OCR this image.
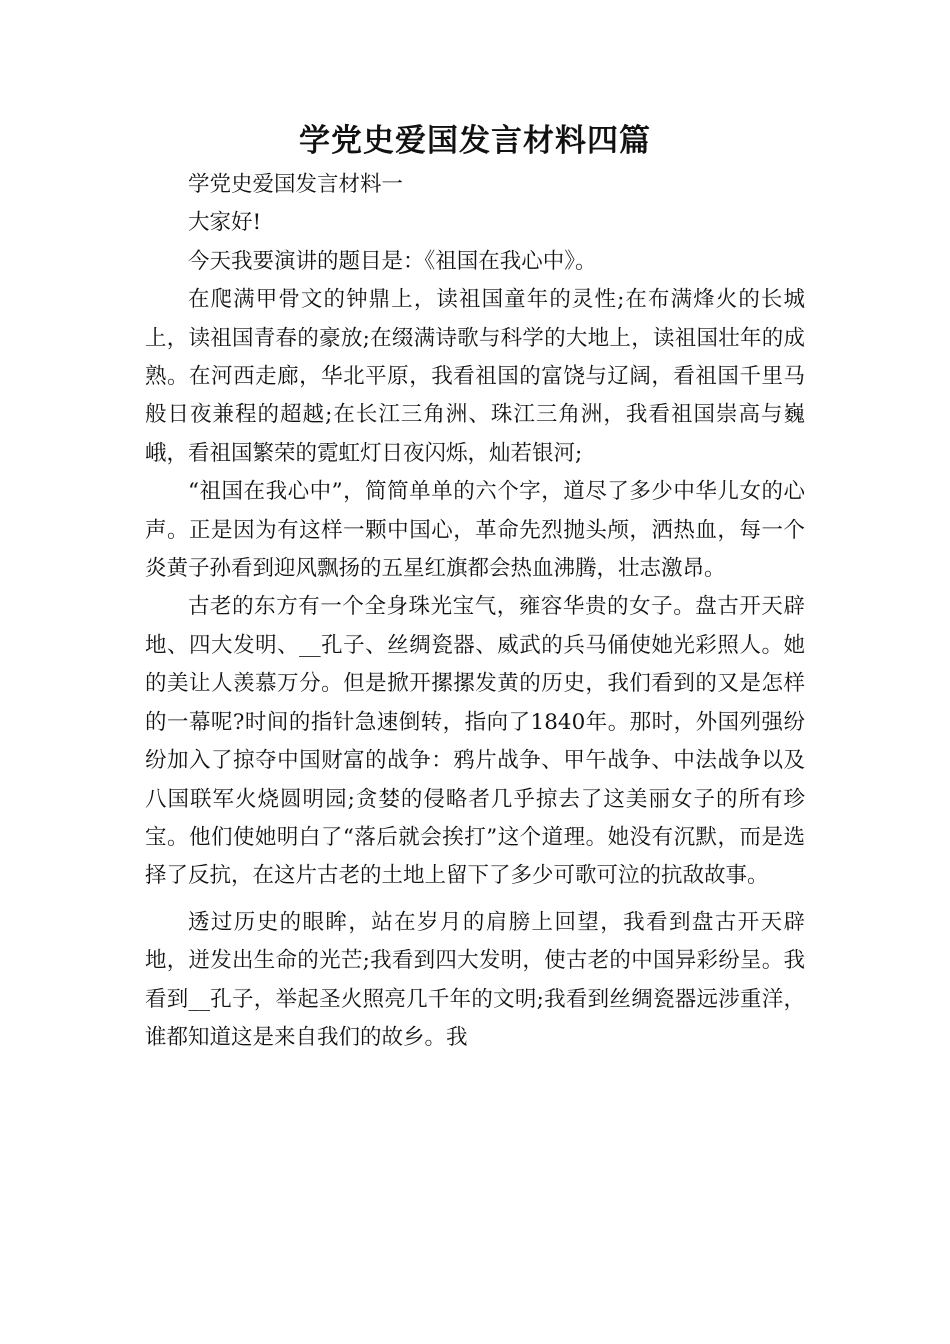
学党史爱国发言材料四篇

学党史爱国发言材料一

大家好!

今天我要演讲的题目是：《祖国在我心中》。

在爬满甲骨文的钟鼎上，读祖国童年的灵性;在布满烽火的长城上，读祖国青春的豪放;在缀满诗歌与科学的大地上，读祖国壮年的成熟。在河西走廊，华北平原，我看祖国的富饶与辽阔，看祖国千里马般日夜兼程的超越;在长江三角洲、珠江三角洲，我看祖国崇高与巍峨，看祖国繁荣的霓虹灯日夜闪烁，灿若银河;

“祖国在我心中”，简简单单的六个字，道尽了多少中华儿女的心声。正是因为有这样一颗中国心，革命先烈抛头颅，洒热血，每一个炎黄子孙看到迎风飘扬的五星红旗都会热血沸腾，壮志激昂。

古老的东方有一个全身珠光宝气，雍容华贵的女子。盘古开天辟地、四大发明、__孔子、丝绸瓷器、威武的兵马俑使她光彩照人。她的美让人羡慕万分。但是掀开摞摞发黄的历史，我们看到的又是怎样的一幕呢?时间的指针急速倒转，指向了1840年。那时，外国列强纷纷加入了掠夺中国财富的战争：鸦片战争、甲午战争、中法战争以及八国联军火烧圆明园;贪婪的侵略者几乎掠去了这美丽女子的所有珍宝。他们使她明白了“落后就会挨打”这个道理。她没有沉默，而是选择了反抗，在这片古老的土地上留下了多少可歌可泣的抗敌故事。

透过历史的眼眸，站在岁月的肩膀上回望，我看到盘古开天辟地，迸发出生命的光芒;我看到四大发明，使古老的中国异彩纷呈。我看到__孔子，举起圣火照亮几千年的文明;我看到丝绸瓷器远涉重洋，谁都知道这是来自我们的故乡。我
